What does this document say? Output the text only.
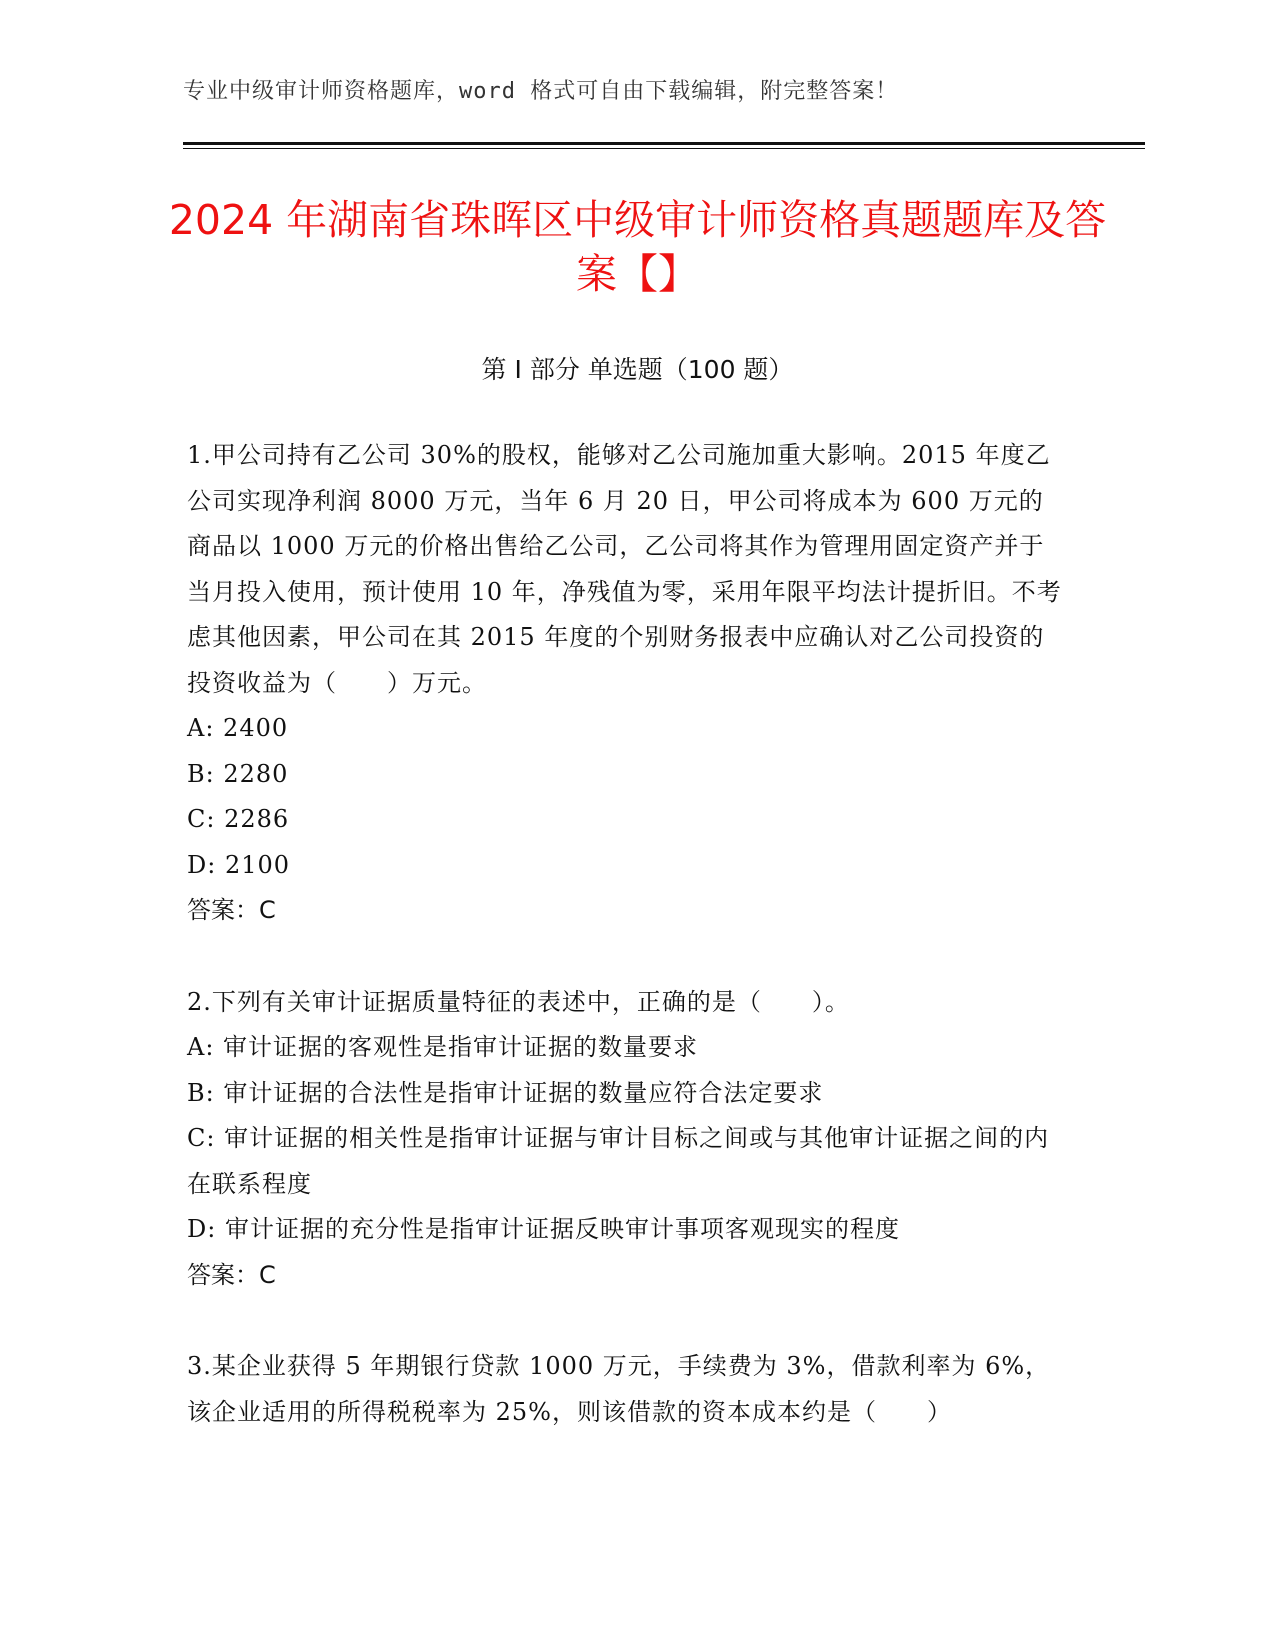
专业中级审计师资格题库，word 格式可自由下载编辑，附完整答案！
2024 年湖南省珠晖区中级审计师资格真题题库及答案【】
第 I 部分 单选题（100 题）

1.甲公司持有乙公司 30%的股权，能够对乙公司施加重大影响。2015 年度乙公司实现净利润 8000 万元，当年 6 月 20 日，甲公司将成本为 600 万元的商品以 1000 万元的价格出售给乙公司，乙公司将其作为管理用固定资产并于当月投入使用，预计使用 10 年，净残值为零，采用年限平均法计提折旧。不考虑其他因素，甲公司在其 2015 年度的个别财务报表中应确认对乙公司投资的投资收益为（　　）万元。

A: 2400

B: 2280

C: 2286

D: 2100

答案：C

2.下列有关审计证据质量特征的表述中，正确的是（　　）。

A: 审计证据的客观性是指审计证据的数量要求

B: 审计证据的合法性是指审计证据的数量应符合法定要求

C: 审计证据的相关性是指审计证据与审计目标之间或与其他审计证据之间的内在联系程度

D: 审计证据的充分性是指审计证据反映审计事项客观现实的程度

答案：C

3.某企业获得 5 年期银行贷款 1000 万元，手续费为 3%，借款利率为 6%，该企业适用的所得税税率为 25%，则该借款的资本成本约是（　　）
